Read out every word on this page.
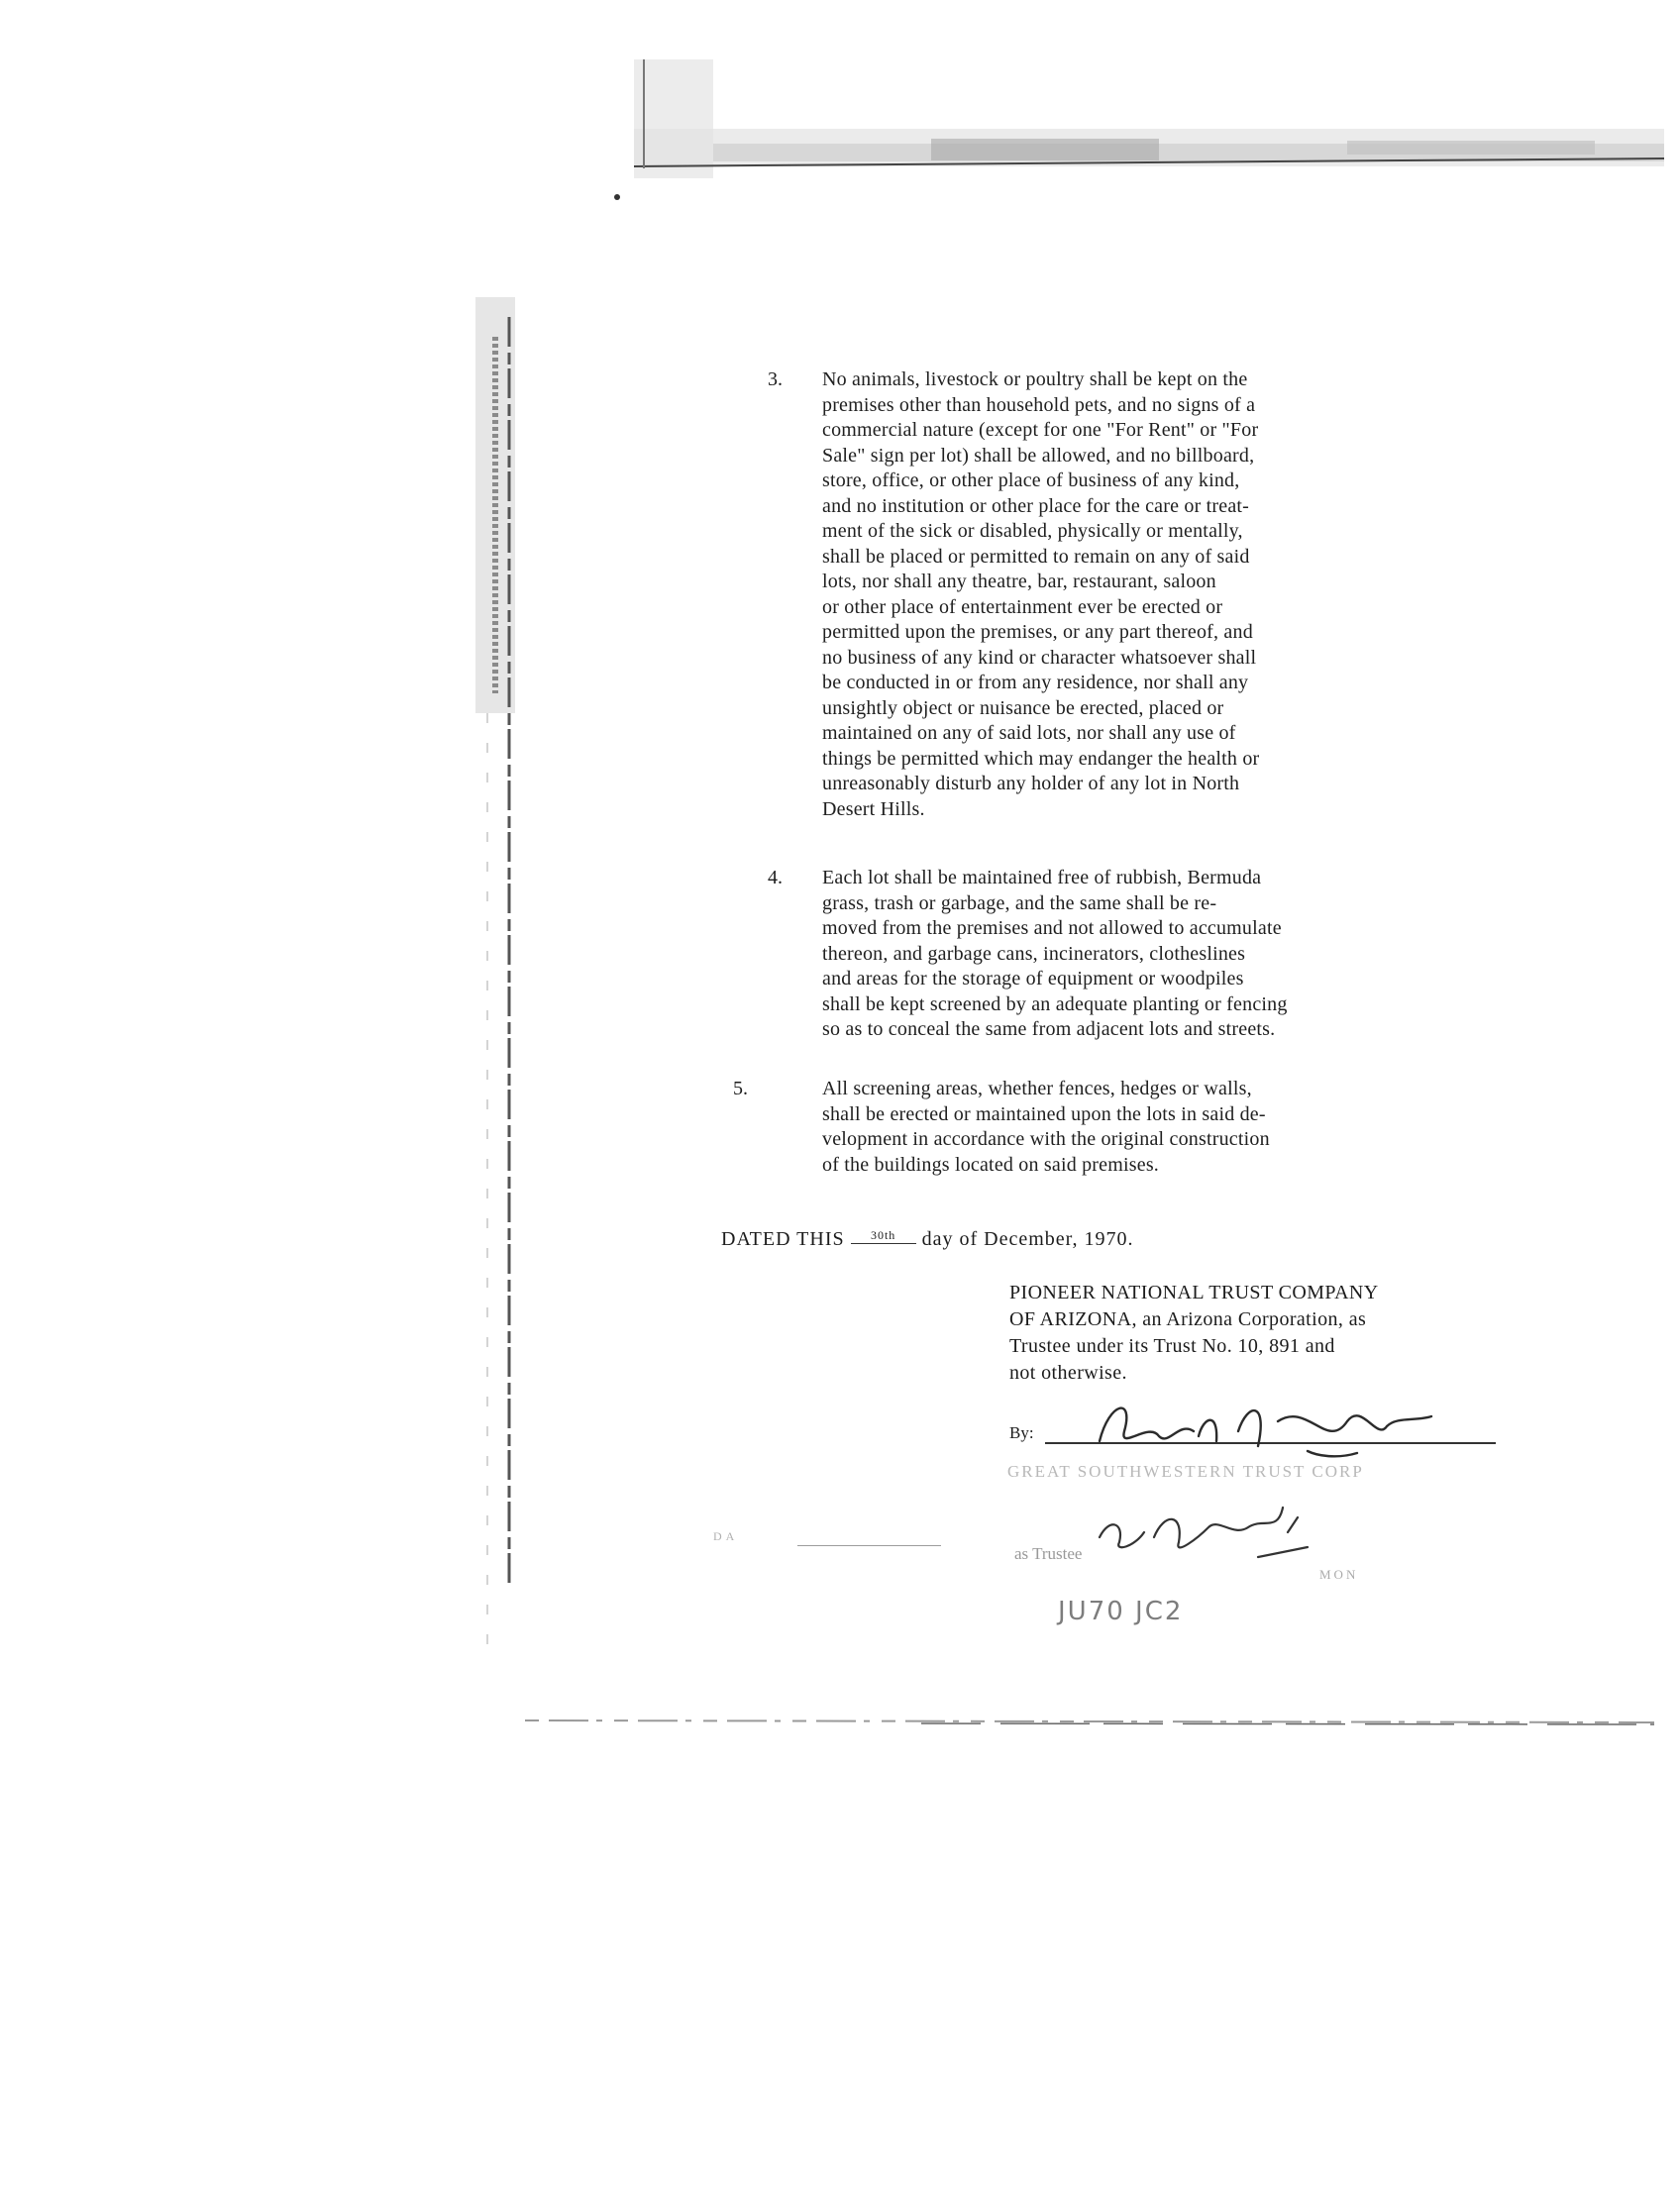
3. No animals, livestock or poultry shall be kept on the
premises other than household pets, and no signs of a
commercial nature (except for one "For Rent" or "For
Sale" sign per lot) shall be allowed, and no billboard,
store, office, or other place of business of any kind,
and no institution or other place for the care or treat-
ment of the sick or disabled, physically or mentally,
shall be placed or permitted to remain on any of said
lots, nor shall any theatre, bar, restaurant, saloon
or other place of entertainment ever be erected or
permitted upon the premises, or any part thereof, and
no business of any kind or character whatsoever shall
be conducted in or from any residence, nor shall any
unsightly object or nuisance be erected, placed or
maintained on any of said lots, nor shall any use of
things be permitted which may endanger the health or
unreasonably disturb any holder of any lot in North
Desert Hills.
4. Each lot shall be maintained free of rubbish, Bermuda
grass, trash or garbage, and the same shall be re-
moved from the premises and not allowed to accumulate
thereon, and garbage cans, incinerators, clotheslines
and areas for the storage of equipment or woodpiles
shall be kept screened by an adequate planting or fencing
so as to conceal the same from adjacent lots and streets.
5.	All screening areas, whether fences, hedges or walls,
shall be erected or maintained upon the lots in said de-
velopment in accordance with the original construction
of the buildings located on said premises.
DATED THIS 30th day of December, 1970.
PIONEER NATIONAL TRUST COMPANY
OF ARIZONA, an Arizona Corporation, as
Trustee under its Trust No. 10, 891 and
not otherwise.
By:
GREAT SOUTHWESTERN TRUST CORP
as Trustee
MON
DA
JU70 JC2
